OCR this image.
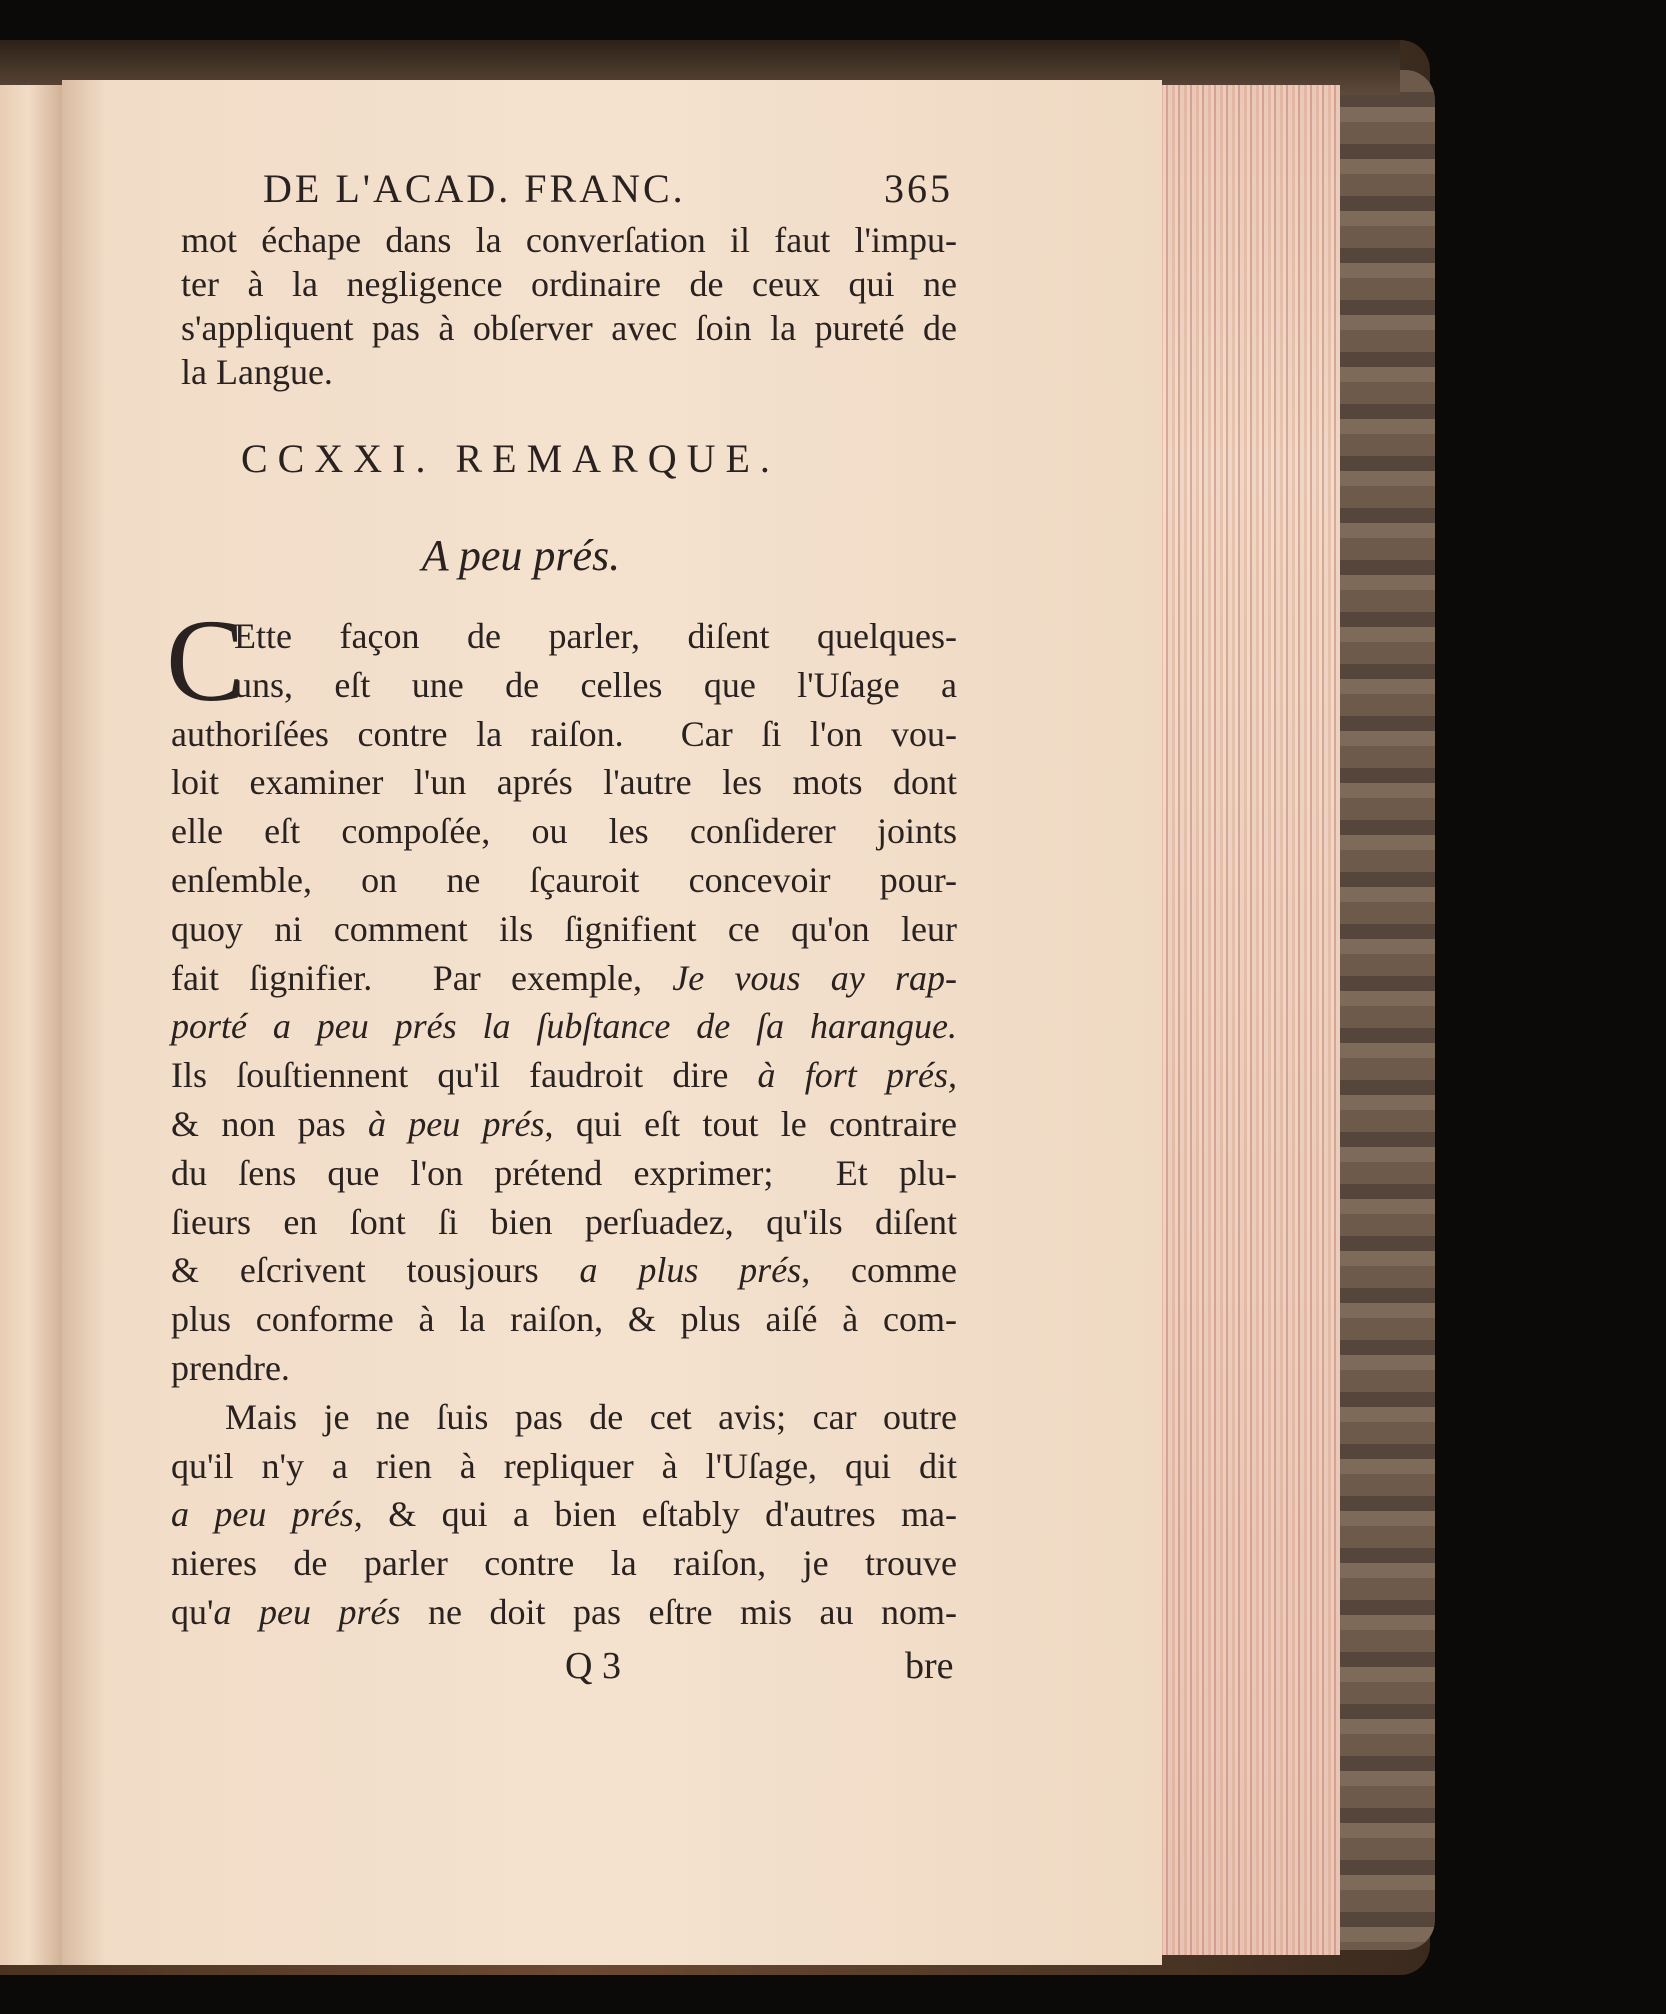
DE L'ACAD. FRANC.	365
CCXXI. REMARQUE.
A peu prés.
C
mot échape dans la converſation il faut l'impu-
ter à la negligence ordinaire de ceux qui ne
s'appliquent pas à obſerver avec ſoin la pureté de
la Langue.
Ette façon de parler, diſent quelques-
uns, eſt une de celles que l'Uſage a
authoriſées contre la raiſon.  Car ſi l'on vou-
loit examiner l'un aprés l'autre les mots dont
elle eſt compoſée, ou les conſiderer joints
enſemble, on ne ſçauroit concevoir pour-
quoy ni comment ils ſignifient ce qu'on leur
fait ſignifier.  Par exemple, Je vous ay rap-
porté a peu prés la ſubſtance de ſa harangue.
Ils ſouſtiennent qu'il faudroit dire à fort prés,
& non pas à peu prés, qui eſt tout le contraire
du ſens que l'on prétend exprimer;  Et plu-
ſieurs en ſont ſi bien perſuadez, qu'ils diſent
& eſcrivent tousjours a plus prés, comme
plus conforme à la raiſon, & plus aiſé à com-
prendre.
Mais je ne ſuis pas de cet avis; car outre
qu'il n'y a rien à repliquer à l'Uſage, qui dit
a peu prés, & qui a bien eſtably d'autres ma-
nieres de parler contre la raiſon, je trouve
qu'a peu prés ne doit pas eſtre mis au nom-
Q 3	bre
